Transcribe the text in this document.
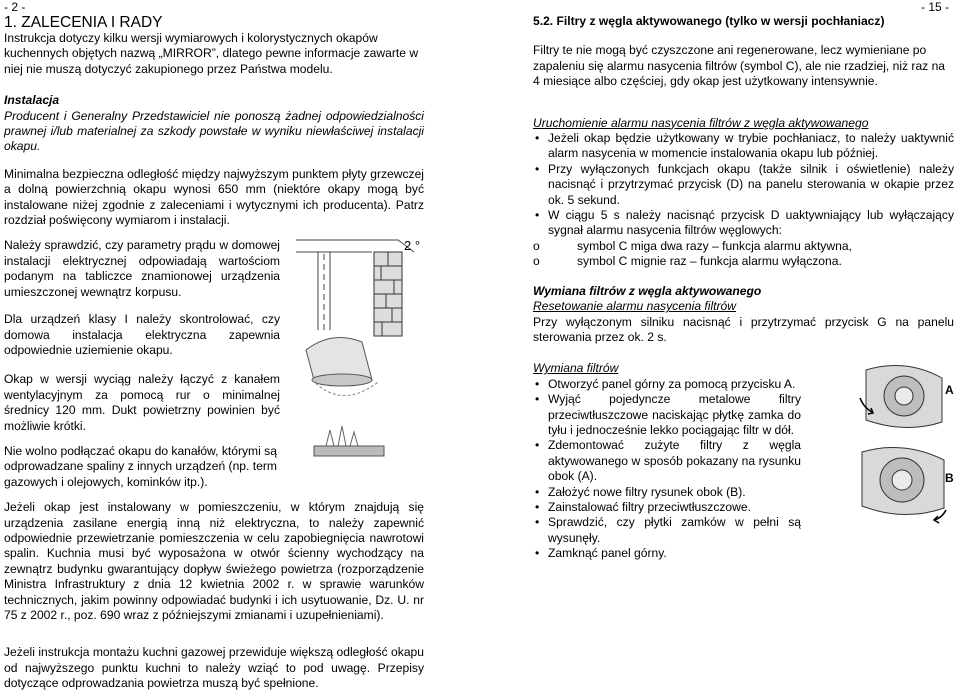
- 2 -	- 15 -

1. ZALECENIA I RADY

Instrukcja dotyczy kilku wersji wymiarowych i kolorystycznych okapów kuchennych objętych nazwą „MIRROR”, dlatego pewne informacje zawarte w niej nie muszą dotyczyć zakupionego przez Państwa modelu.

Instalacja

Producent i Generalny Przedstawiciel nie ponoszą żadnej odpowiedzialności prawnej i/lub materialnej za szkody powstałe w wyniku niewłaściwej instalacji okapu.

Minimalna bezpieczna odległość między najwyższym punktem płyty grzewczej a dolną powierzchnią okapu wynosi 650 mm (niektóre okapy mogą być instalowane niżej zgodnie z zaleceniami i wytycznymi ich producenta). Patrz rozdział poświęcony wymiarom i instalacji.

Należy sprawdzić, czy parametry prądu w domowej instalacji elektrycznej odpowiadają wartościom podanym na tabliczce znamionowej urządzenia umieszczonej wewnątrz korpusu.

Dla urządzeń klasy I należy skontrolować, czy domowa instalacja elektryczna zapewnia odpowiednie uziemienie okapu.

Okap w wersji wyciąg należy łączyć z kanałem wentylacyjnym za pomocą rur o minimalnej średnicy 120 mm. Dukt powietrzny powinien być możliwie krótki.

Nie wolno podłączać okapu do kanałów, którymi są odprowadzane spaliny z innych urządzeń (np. term gazowych i olejowych, kominków itp.).

Jeżeli okap jest instalowany w pomieszczeniu, w którym znajdują się urządzenia zasilane energią inną niż elektryczna, to należy zapewnić odpowiednie przewietrzanie pomieszczenia w celu zapobiegnięcia nawrotowi spalin. Kuchnia musi być wyposażona w otwór ścienny wychodzący na zewnątrz budynku gwarantujący dopływ świeżego powietrza (rozporządzenie Ministra Infrastruktury z dnia 12 kwietnia 2002 r. w sprawie warunków technicznych, jakim powinny odpowiadać budynki i ich usytuowanie, Dz. U. nr 75 z 2002 r., poz. 690 wraz z późniejszymi zmianami i uzupełnieniami).

Jeżeli instrukcja montażu kuchni gazowej przewiduje większą odległość okapu od najwyższego punktu kuchni to należy wziąć to pod uwagę. Przepisy dotyczące odprowadzania powietrza muszą być spełnione.

2 °

5.2. Filtry z węgla aktywowanego (tylko w wersji pochłaniacz)

Filtry te nie mogą być czyszczone ani regenerowane, lecz wymieniane po zapaleniu się alarmu nasycenia filtrów (symbol C), ale nie rzadziej, niż raz na 4 miesiące albo częściej, gdy okap jest użytkowany intensywnie.

Uruchomienie alarmu nasycenia filtrów z węgla aktywowanego

• Jeżeli okap będzie użytkowany w trybie pochłaniacz, to należy uaktywnić alarm nasycenia w momencie instalowania okapu lub później.
• Przy wyłączonych funkcjach okapu (także silnik i oświetlenie) należy nacisnąć i przytrzymać przycisk (D) na panelu sterowania w okapie przez ok. 5 sekund.
• W ciągu 5 s należy nacisnąć przycisk D uaktywniający lub wyłączający sygnał alarmu nasycenia filtrów węglowych:
o	symbol C miga dwa razy – funkcja alarmu aktywna,
o	symbol C mignie raz – funkcja alarmu wyłączona.

Wymiana filtrów z węgla aktywowanego

Resetowanie alarmu nasycenia filtrów

Przy wyłączonym silniku nacisnąć i przytrzymać przycisk G na panelu sterowania przez ok. 2 s.

Wymiana filtrów

• Otworzyć panel górny za pomocą przycisku A.
• Wyjąć pojedyncze metalowe filtry przeciwtłuszczowe naciskając płytkę zamka do tyłu i jednocześnie lekko pociągając filtr w dół.
• Zdemontować zużyte filtry z węgla aktywowanego w sposób pokazany na rysunku obok (A).
• Założyć nowe filtry rysunek obok (B).
• Zainstalować filtry przeciwtłuszczowe.
• Sprawdzić, czy płytki zamków w pełni są wysunęły.
• Zamknąć panel górny.
A
B
